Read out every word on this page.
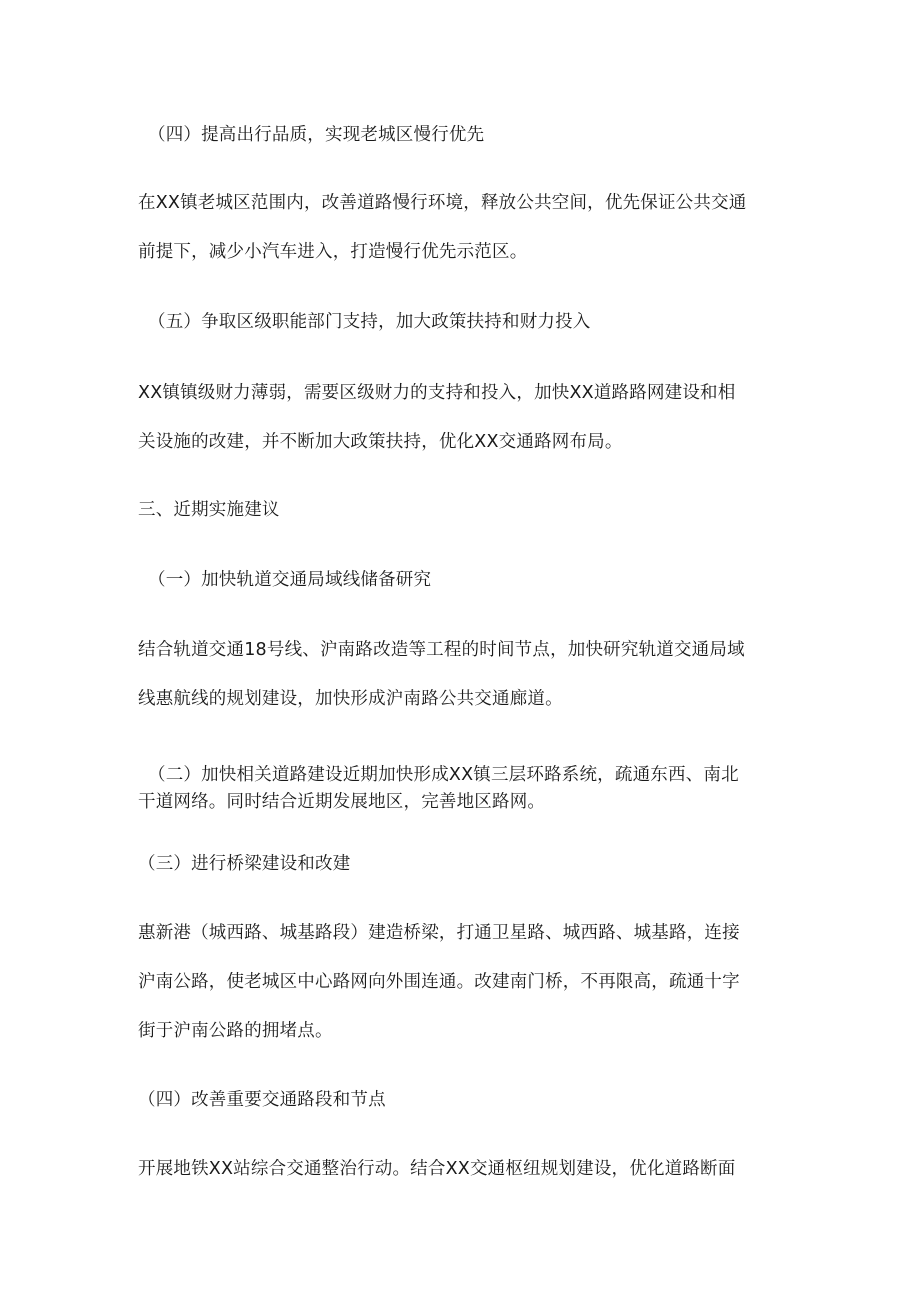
（四）提高出行品质，实现老城区慢行优先
在XX镇老城区范围内，改善道路慢行环境，释放公共空间，优先保证公共交通
前提下，减少小汽车进入，打造慢行优先示范区。
（五）争取区级职能部门支持，加大政策扶持和财力投入
XX镇镇级财力薄弱，需要区级财力的支持和投入，加快XX道路路网建设和相
关设施的改建，并不断加大政策扶持，优化XX交通路网布局。
三、近期实施建议
（一）加快轨道交通局域线储备研究
结合轨道交通18号线、沪南路改造等工程的时间节点，加快研究轨道交通局域
线惠航线的规划建设，加快形成沪南路公共交通廊道。
（二）加快相关道路建设近期加快形成XX镇三层环路系统，疏通东西、南北
干道网络。同时结合近期发展地区，完善地区路网。
（三）进行桥梁建设和改建
惠新港（城西路、城基路段）建造桥梁，打通卫星路、城西路、城基路，连接
沪南公路，使老城区中心路网向外围连通。改建南门桥，不再限高，疏通十字
街于沪南公路的拥堵点。
（四）改善重要交通路段和节点
开展地铁XX站综合交通整治行动。结合XX交通枢纽规划建设，优化道路断面
